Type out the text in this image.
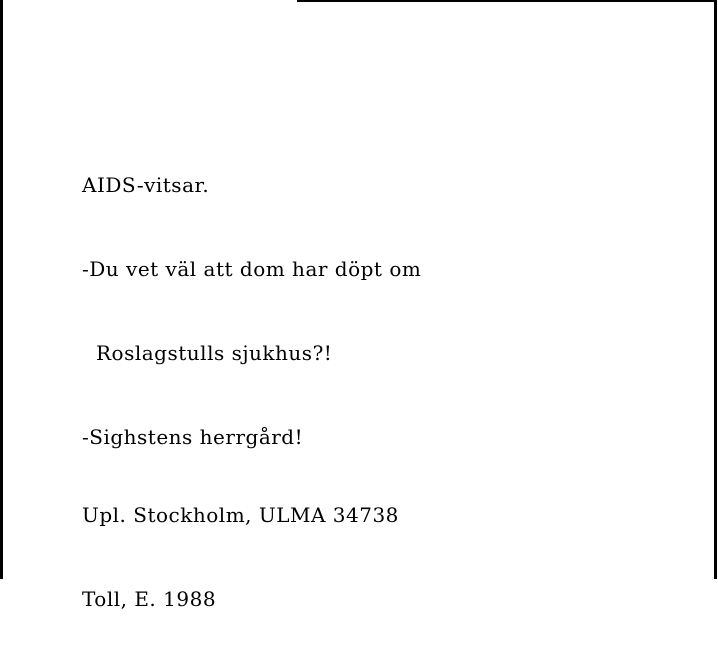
AIDS-vitsar.

-Du vet väl att dom har döpt om

Roslagstulls sjukhus?!

-Sighstens herrgård!

Upl. Stockholm, ULMA 34738

Toll, E. 1988
